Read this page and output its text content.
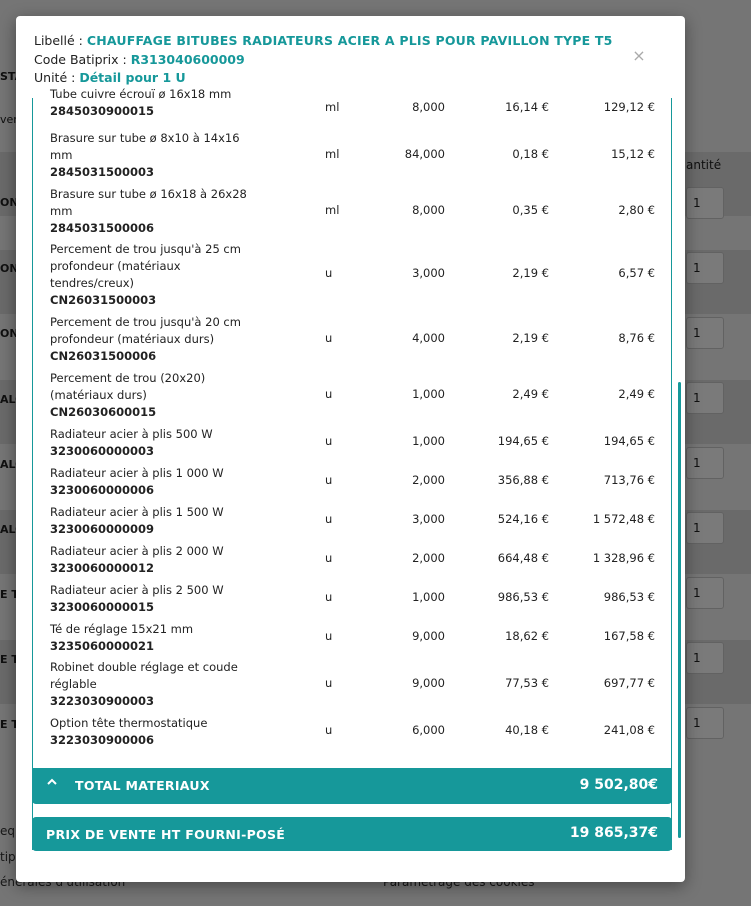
Libellé : CHAUFFAGE BITUBES RADIATEURS ACIER A PLIS POUR PAVILLON TYPE T5
Code Batiprix : R313040600009
Unité : Détail pour 1 U
×
Tube cuivre écrouï ø 16x18 mm
2845030900015	ml	8,000	16,14 €	129,12 €
Brasure sur tube ø 8x10 à 14x16 mm
2845031500003
ml	84,000	0,18 €	15,12 €
Brasure sur tube ø 16x18 à 26x28 mm
2845031500006
ml	8,000	0,35 €	2,80 €
Percement de trou jusqu'à 25 cm profondeur (matériaux tendres/creux)
CN26031500003
u	3,000	2,19 €	6,57 €
Percement de trou jusqu'à 20 cm profondeur (matériaux durs)
CN26031500006
u	4,000	2,19 €	8,76 €
Percement de trou (20x20) (matériaux durs)
CN26030600015
u	1,000	2,49 €	2,49 €
Radiateur acier à plis 500 W
3230060000003
u	1,000	194,65 €	194,65 €
Radiateur acier à plis 1 000 W
3230060000006
u	2,000	356,88 €	713,76 €
Radiateur acier à plis 1 500 W
3230060000009
u	3,000	524,16 €	1 572,48 €
Radiateur acier à plis 2 000 W
3230060000012
u	2,000	664,48 €	1 328,96 €
Radiateur acier à plis 2 500 W
3230060000015
u	1,000	986,53 €	986,53 €
Té de réglage 15x21 mm
3235060000021
u	9,000	18,62 €	167,58 €
Robinet double réglage et coude réglable
3223030900003
u	9,000	77,53 €	697,77 €
Option tête thermostatique
3223030900006
u	6,000	40,18 €	241,08 €
TOTAL MATERIAUX	9 502,80€
PRIX DE VENTE HT FOURNI-POSÉ	19 865,37€
